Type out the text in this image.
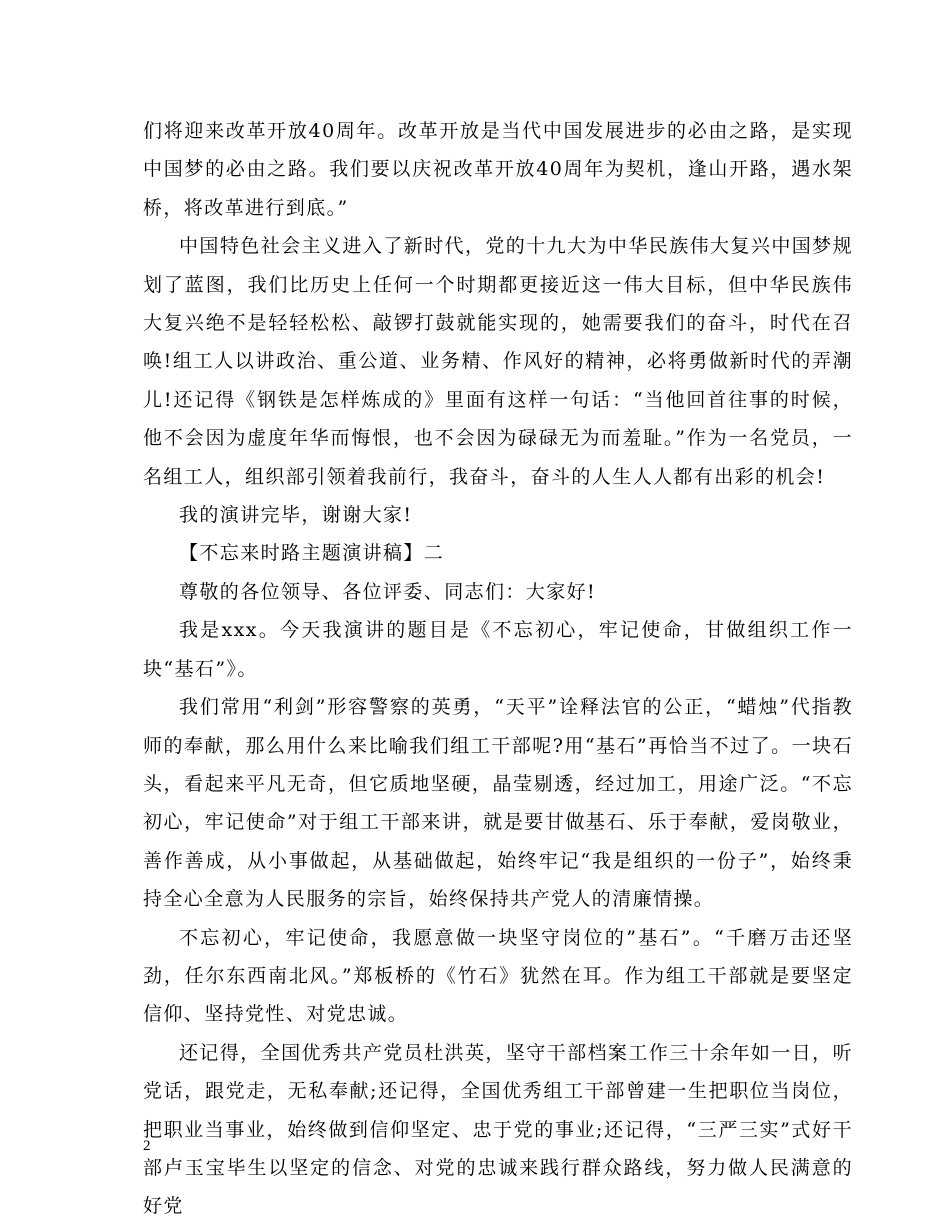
们将迎来改革开放40周年。改革开放是当代中国发展进步的必由之路，是实现中国梦的必由之路。我们要以庆祝改革开放40周年为契机，逢山开路，遇水架桥，将改革进行到底。”

中国特色社会主义进入了新时代，党的十九大为中华民族伟大复兴中国梦规划了蓝图，我们比历史上任何一个时期都更接近这一伟大目标，但中华民族伟大复兴绝不是轻轻松松、敲锣打鼓就能实现的，她需要我们的奋斗，时代在召唤!组工人以讲政治、重公道、业务精、作风好的精神，必将勇做新时代的弄潮儿!还记得《钢铁是怎样炼成的》里面有这样一句话：“当他回首往事的时候，他不会因为虚度年华而悔恨，也不会因为碌碌无为而羞耻。”作为一名党员，一名组工人，组织部引领着我前行，我奋斗，奋斗的人生人人都有出彩的机会!

我的演讲完毕，谢谢大家!

【不忘来时路主题演讲稿】二

尊敬的各位领导、各位评委、同志们：大家好!

我是xxx。今天我演讲的题目是《不忘初心，牢记使命，甘做组织工作一块“基石”》。

我们常用“利剑”形容警察的英勇，“天平”诠释法官的公正，“蜡烛”代指教师的奉献，那么用什么来比喻我们组工干部呢?用“基石”再恰当不过了。一块石头，看起来平凡无奇，但它质地坚硬，晶莹剔透，经过加工，用途广泛。“不忘初心，牢记使命”对于组工干部来讲，就是要甘做基石、乐于奉献，爱岗敬业，善作善成，从小事做起，从基础做起，始终牢记“我是组织的一份子”，始终秉持全心全意为人民服务的宗旨，始终保持共产党人的清廉情操。

不忘初心，牢记使命，我愿意做一块坚守岗位的”基石”。“千磨万击还坚劲，任尔东西南北风。”郑板桥的《竹石》犹然在耳。作为组工干部就是要坚定信仰、坚持党性、对党忠诚。

还记得，全国优秀共产党员杜洪英，坚守干部档案工作三十余年如一日，听党话，跟党走，无私奉献;还记得，全国优秀组工干部曾建一生把职位当岗位，把职业当事业，始终做到信仰坚定、忠于党的事业;还记得，“三严三实”式好干部卢玉宝毕生以坚定的信念、对党的忠诚来践行群众路线，努力做人民满意的好党

2
